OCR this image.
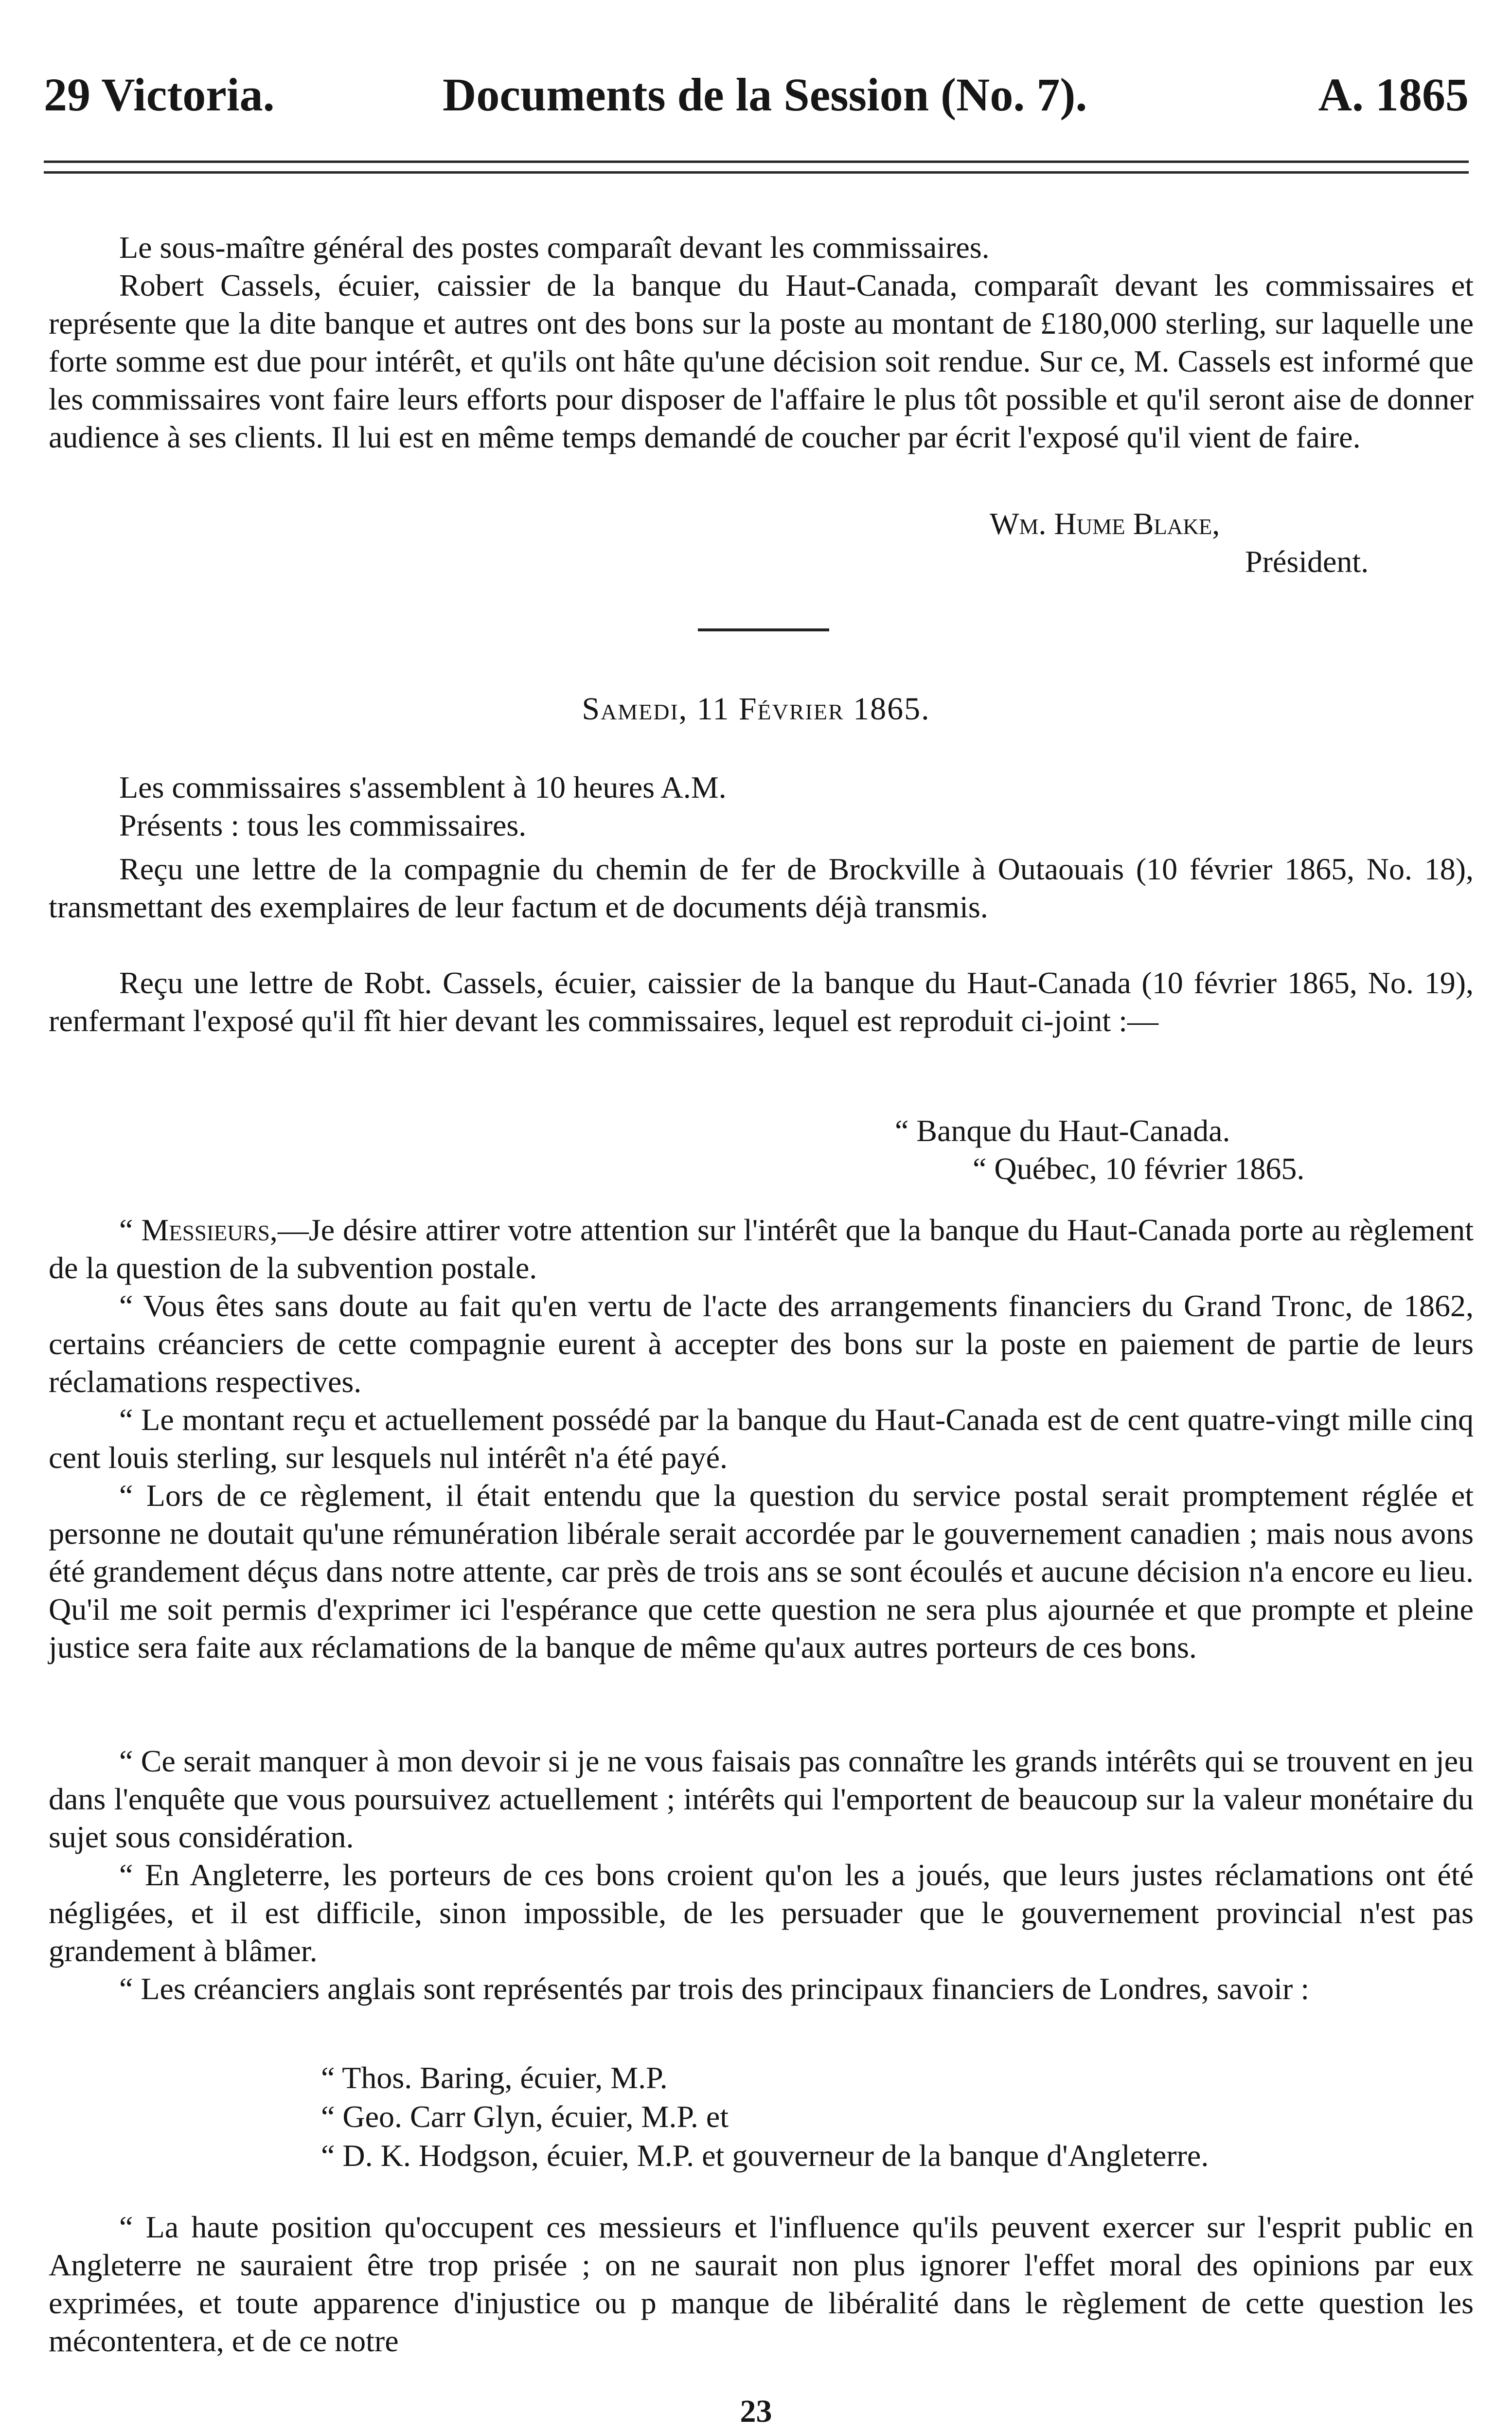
29 Victoria.	Documents de la Session (No. 7).	A. 1865

Le sous-maître général des postes comparaît devant les commissaires.

Robert Cassels, écuier, caissier de la banque du Haut-Canada, comparaît devant les commissaires et représente que la dite banque et autres ont des bons sur la poste au montant de £180,000 sterling, sur laquelle une forte somme est due pour intérêt, et qu'ils ont hâte qu'une décision soit rendue. Sur ce, M. Cassels est informé que les commissaires vont faire leurs efforts pour disposer de l'affaire le plus tôt possible et qu'il seront aise de donner audience à ses clients. Il lui est en même temps demandé de coucher par écrit l'exposé qu'il vient de faire.

Wm. Hume Blake,
Président.
Samedi, 11 Février 1865.

Les commissaires s'assemblent à 10 heures A.M.

Présents : tous les commissaires.

Reçu une lettre de la compagnie du chemin de fer de Brockville à Outaouais (10 février 1865, No. 18), transmettant des exemplaires de leur factum et de documents déjà transmis.

Reçu une lettre de Robt. Cassels, écuier, caissier de la banque du Haut-Canada (10 février 1865, No. 19), renfermant l'exposé qu'il fît hier devant les commissaires, lequel est reproduit ci-joint :—

“ Banque du Haut-Canada.
“ Québec, 10 février 1865.

“ Messieurs,—Je désire attirer votre attention sur l'intérêt que la banque du Haut-Canada porte au règlement de la question de la subvention postale.

“ Vous êtes sans doute au fait qu'en vertu de l'acte des arrangements financiers du Grand Tronc, de 1862, certains créanciers de cette compagnie eurent à accepter des bons sur la poste en paiement de partie de leurs réclamations respectives.

“ Le montant reçu et actuellement possédé par la banque du Haut-Canada est de cent quatre-vingt mille cinq cent louis sterling, sur lesquels nul intérêt n'a été payé.

“ Lors de ce règlement, il était entendu que la question du service postal serait promptement réglée et personne ne doutait qu'une rémunération libérale serait accordée par le gouvernement canadien ; mais nous avons été grandement déçus dans notre attente, car près de trois ans se sont écoulés et aucune décision n'a encore eu lieu. Qu'il me soit permis d'exprimer ici l'espérance que cette question ne sera plus ajournée et que prompte et pleine justice sera faite aux réclamations de la banque de même qu'aux autres porteurs de ces bons.

“ Ce serait manquer à mon devoir si je ne vous faisais pas connaître les grands intérêts qui se trouvent en jeu dans l'enquête que vous poursuivez actuellement ; intérêts qui l'emportent de beaucoup sur la valeur monétaire du sujet sous considération.

“ En Angleterre, les porteurs de ces bons croient qu'on les a joués, que leurs justes réclamations ont été négligées, et il est difficile, sinon impossible, de les persuader que le gouvernement provincial n'est pas grandement à blâmer.

“ Les créanciers anglais sont représentés par trois des principaux financiers de Londres, savoir :

“ Thos. Baring, écuier, M.P.
“ Geo. Carr Glyn, écuier, M.P. et
“ D. K. Hodgson, écuier, M.P. et gouverneur de la banque d'Angleterre.

“ La haute position qu'occupent ces messieurs et l'influence qu'ils peuvent exercer sur l'esprit public en Angleterre ne sauraient être trop prisée ; on ne saurait non plus ignorer l'effet moral des opinions par eux exprimées, et toute apparence d'injustice ou p manque de libéralité dans le règlement de cette question les mécontentera, et de ce notre

23
